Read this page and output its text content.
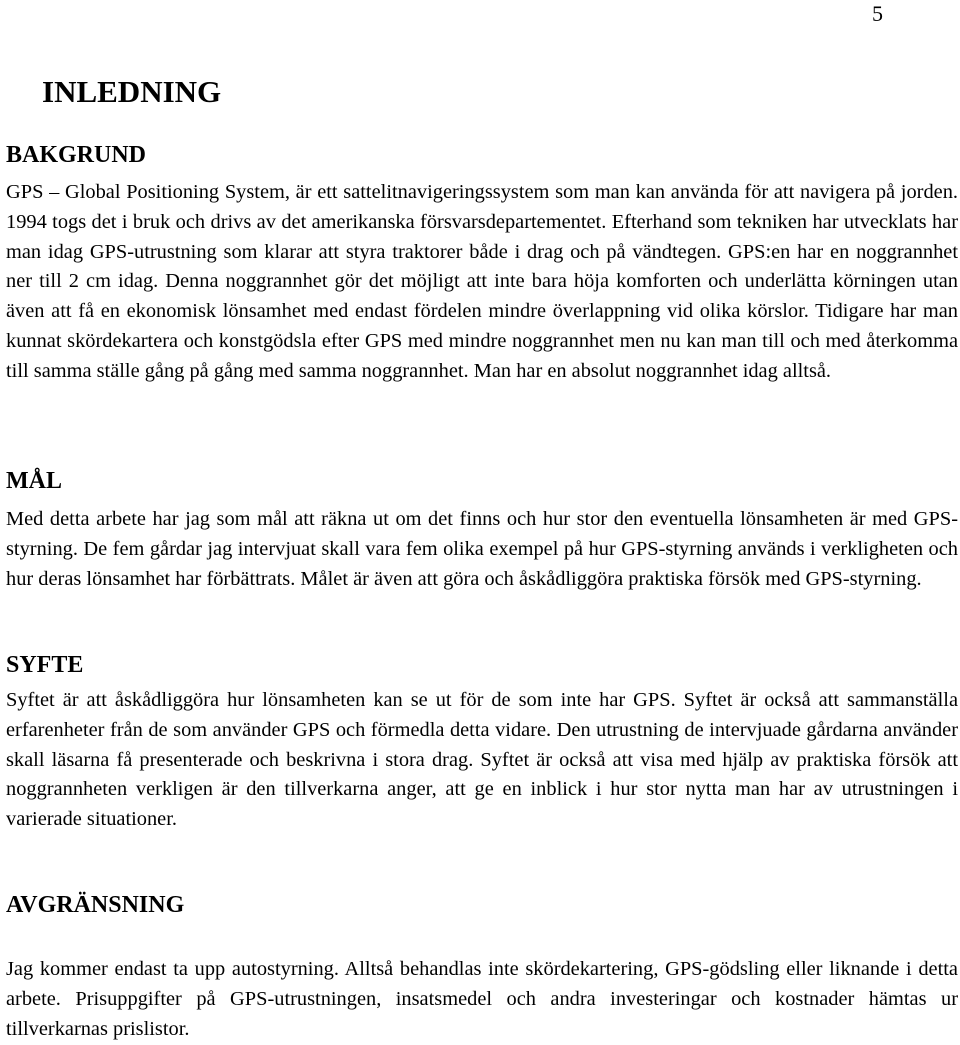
5
INLEDNING
BAKGRUND

GPS – Global Positioning System, är ett sattelitnavigeringssystem som man kan använda för att navigera på jorden. 1994 togs det i bruk och drivs av det amerikanska försvarsdepartementet. Efterhand som tekniken har utvecklats har man idag GPS-utrustning som klarar att styra traktorer både i drag och på vändtegen. GPS:en har en noggrannhet ner till 2 cm idag. Denna noggrannhet gör det möjligt att inte bara höja komforten och underlätta körningen utan även att få en ekonomisk lönsamhet med endast fördelen mindre överlappning vid olika körslor. Tidigare har man kunnat skördekartera och konstgödsla efter GPS med mindre noggrannhet men nu kan man till och med återkomma till samma ställe gång på gång med samma noggrannhet. Man har en absolut noggrannhet idag alltså.

MÅL

Med detta arbete har jag som mål att räkna ut om det finns och hur stor den eventuella lönsamheten är med GPS-styrning. De fem gårdar jag intervjuat skall vara fem olika exempel på hur GPS-styrning används i verkligheten och hur deras lönsamhet har förbättrats. Målet är även att göra och åskådliggöra praktiska försök med GPS-styrning.

SYFTE

Syftet är att åskådliggöra hur lönsamheten kan se ut för de som inte har GPS. Syftet är också att sammanställa erfarenheter från de som använder GPS och förmedla detta vidare. Den utrustning de intervjuade gårdarna använder skall läsarna få presenterade och beskrivna i stora drag. Syftet är också att visa med hjälp av praktiska försök att noggrannheten verkligen är den tillverkarna anger, att ge en inblick i hur stor nytta man har av utrustningen i varierade situationer.

AVGRÄNSNING

Jag kommer endast ta upp autostyrning. Alltså behandlas inte skördekartering, GPS-gödsling eller liknande i detta arbete. Prisuppgifter på GPS-utrustningen, insatsmedel och andra investeringar och kostnader hämtas ur tillverkarnas prislistor.
